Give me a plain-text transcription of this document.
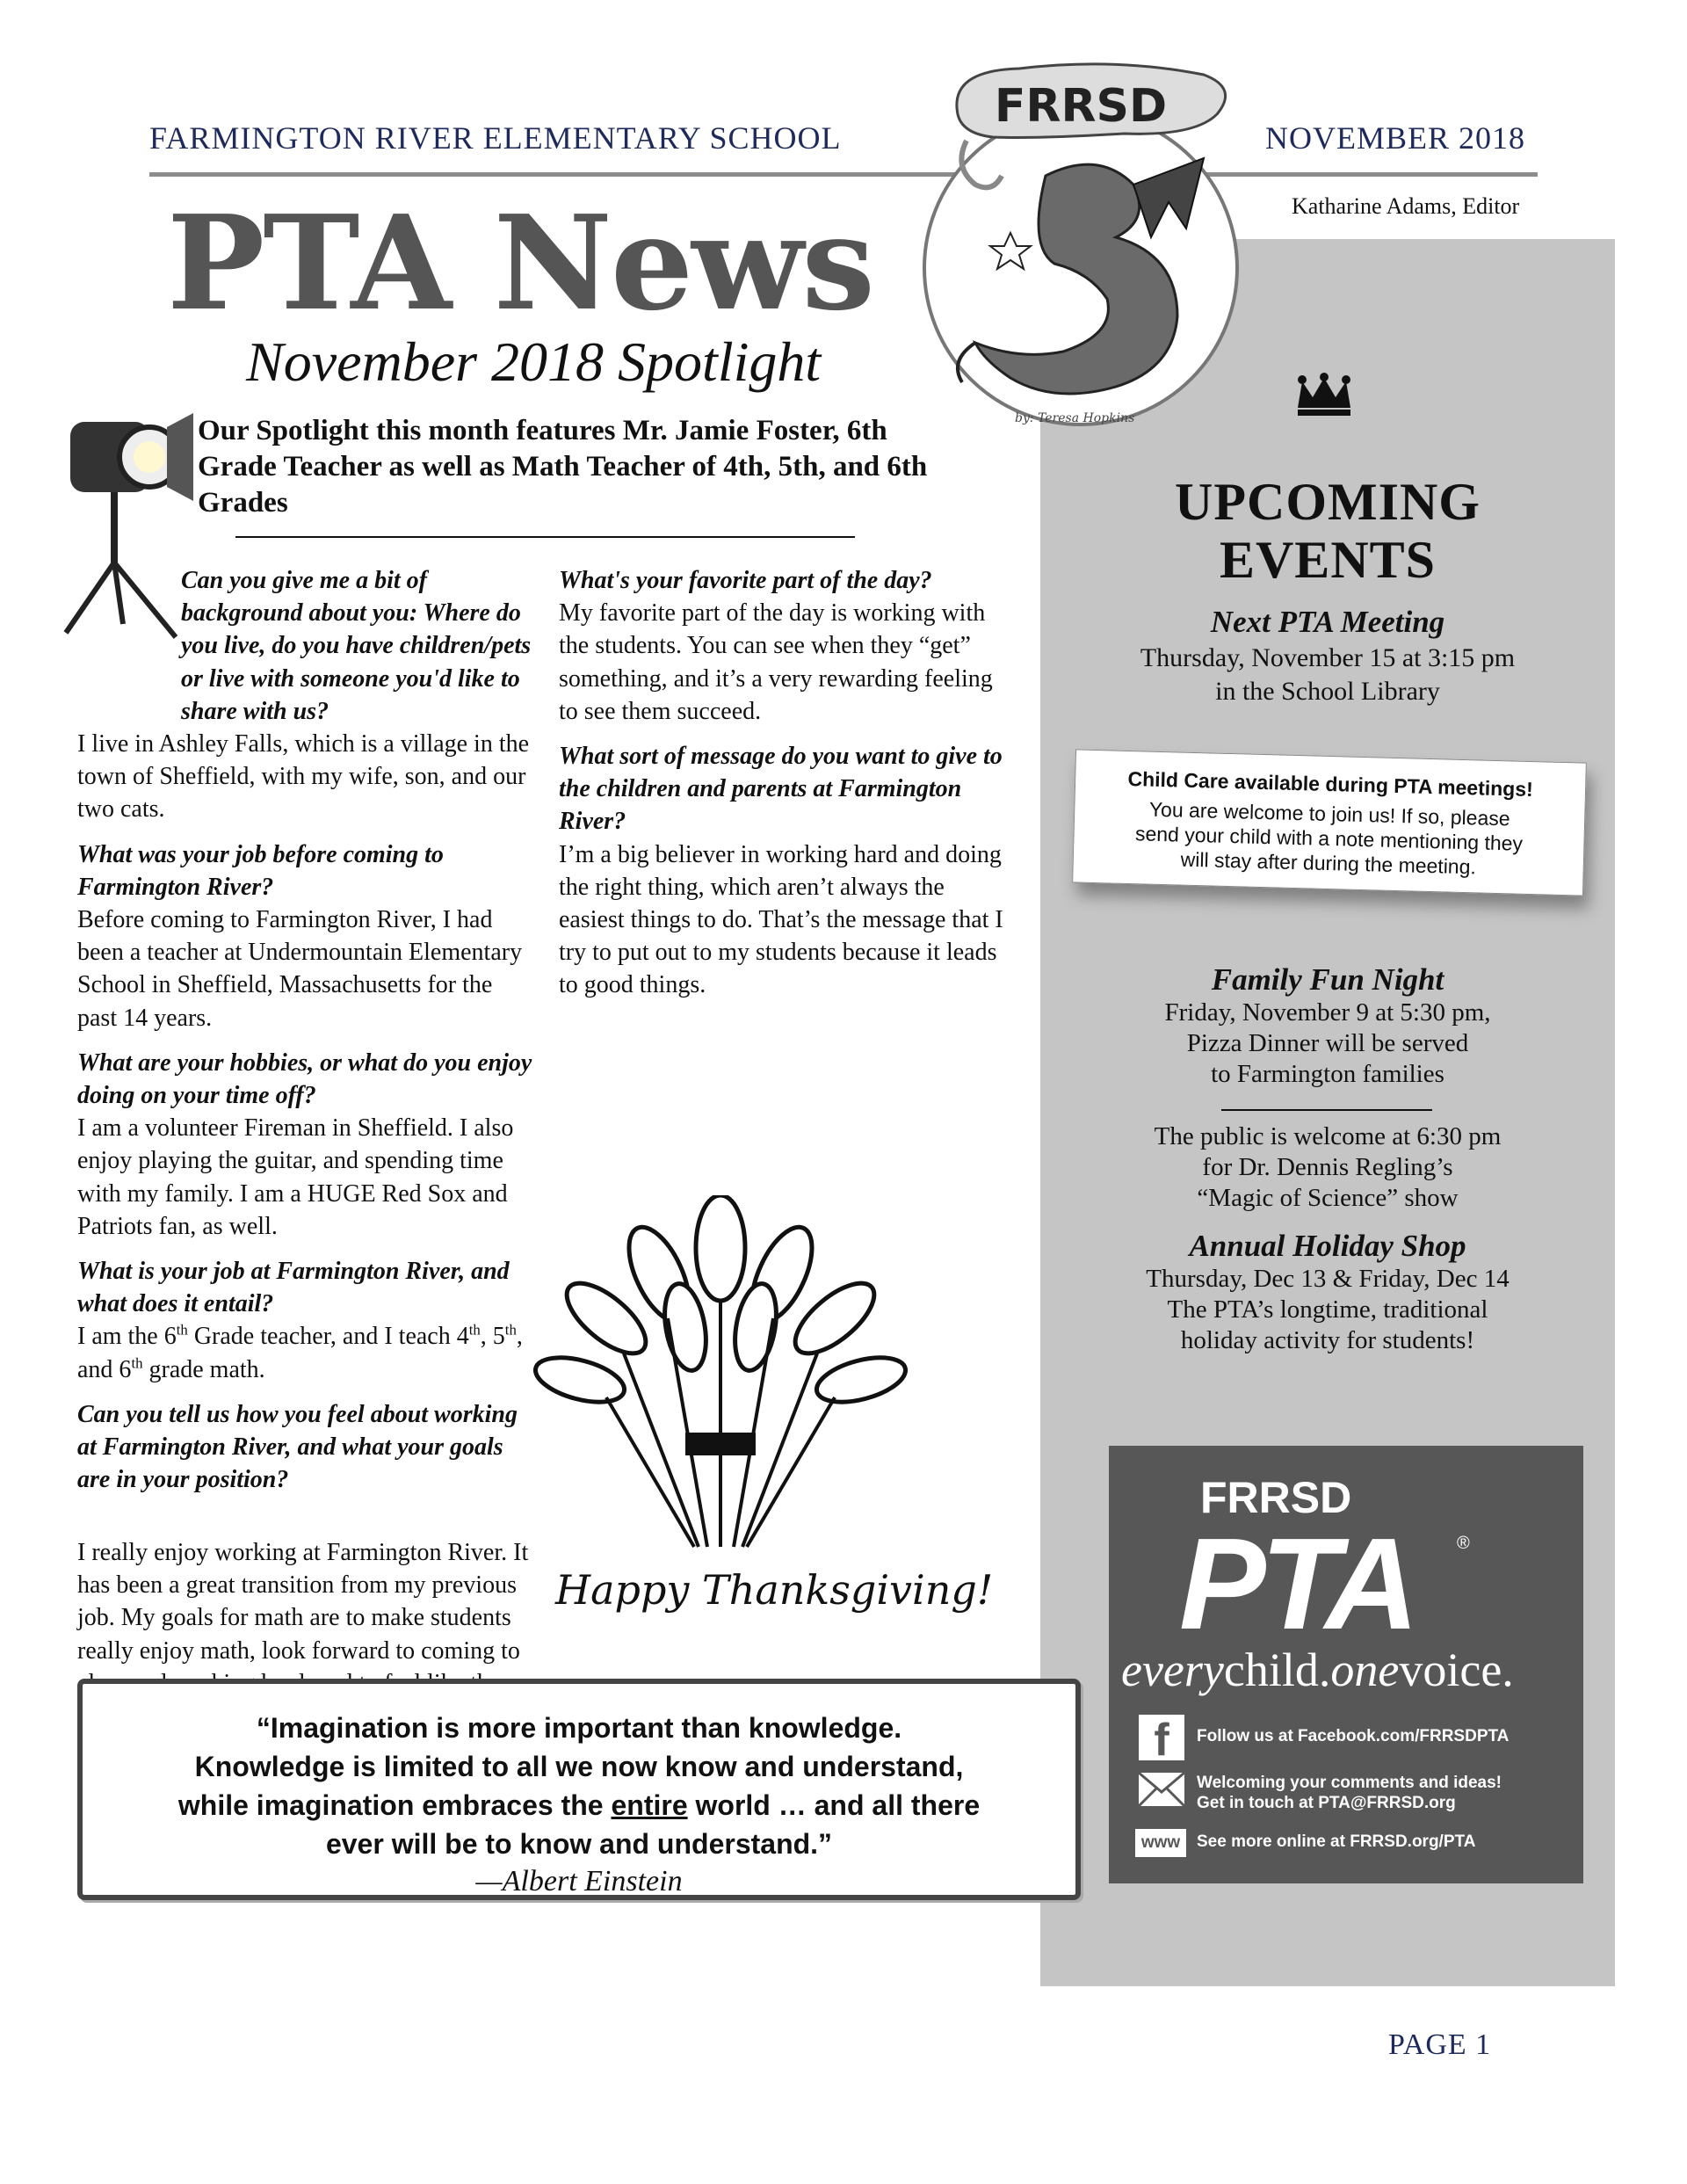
FARMINGTON RIVER ELEMENTARY SCHOOL	NOVEMBER 2018
Katharine Adams, Editor
by: Teresa Hopkins
FRRSD
PTA News
November 2018 Spotlight
Our Spotlight this month features Mr. Jamie Foster, 6th Grade Teacher as well as Math Teacher of 4th, 5th, and 6th Grades

Can you give me a bit of background about you: Where do you live, do you have children/pets or live with someone you'd like to share with us?
I live in Ashley Falls, which is a village in the town of Sheffield, with my wife, son, and our two cats.

What was your job before coming to Farmington River?
Before coming to Farmington River, I had been a teacher at Undermountain Elementary School in Sheffield, Massachusetts for the past 14 years.

What are your hobbies, or what do you enjoy doing on your time off?
I am a volunteer Fireman in Sheffield. I also enjoy playing the guitar, and spending time with my family. I am a HUGE Red Sox and Patriots fan, as well.

What is your job at Farmington River, and what does it entail?
I am the 6th Grade teacher, and I teach 4th, 5th, and 6th grade math.

Can you tell us how you feel about working at Farmington River, and what your goals are in your position?

I really enjoy working at Farmington River. It has been a great transition from my previous job. My goals for math are to make students really enjoy math, look forward to coming to

What's your favorite part of the day?
My favorite part of the day is working with the students. You can see when they “get” something, and it’s a very rewarding feeling to see them succeed.

What sort of message do you want to give to the children and parents at Farmington River?
I’m a big believer in working hard and doing the right thing, which aren’t always the easiest things to do. That’s the message that I try to put out to my students because it leads to good things.

Happy Thanksgiving!
“Imagination is more important than knowledge.
Knowledge is limited to all we now know and understand,
while imagination embraces the entire world … and all there
ever will be to know and understand.”
—Albert Einstein
UPCOMING
EVENTS
Next PTA Meeting
Thursday, November 15 at 3:15 pm
in the School Library
Child Care available during PTA meetings!
You are welcome to join us! If so, please
send your child with a note mentioning they
will stay after during the meeting.
Family Fun Night
Friday, November 9 at 5:30 pm,
Pizza Dinner will be served
to Farmington families
The public is welcome at 6:30 pm
for Dr. Dennis Regling’s
“Magic of Science” show
Annual Holiday Shop
Thursday, Dec 13 & Friday, Dec 14
The PTA’s longtime, traditional
holiday activity for students!
FRRSD
PTA ®
everychild.onevoice.
f	Follow us at Facebook.com/FRRSDPTA
Welcoming your comments and ideas!
Get in touch at PTA@FRRSD.org
www See more online at FRRSD.org/PTA
PAGE 1
